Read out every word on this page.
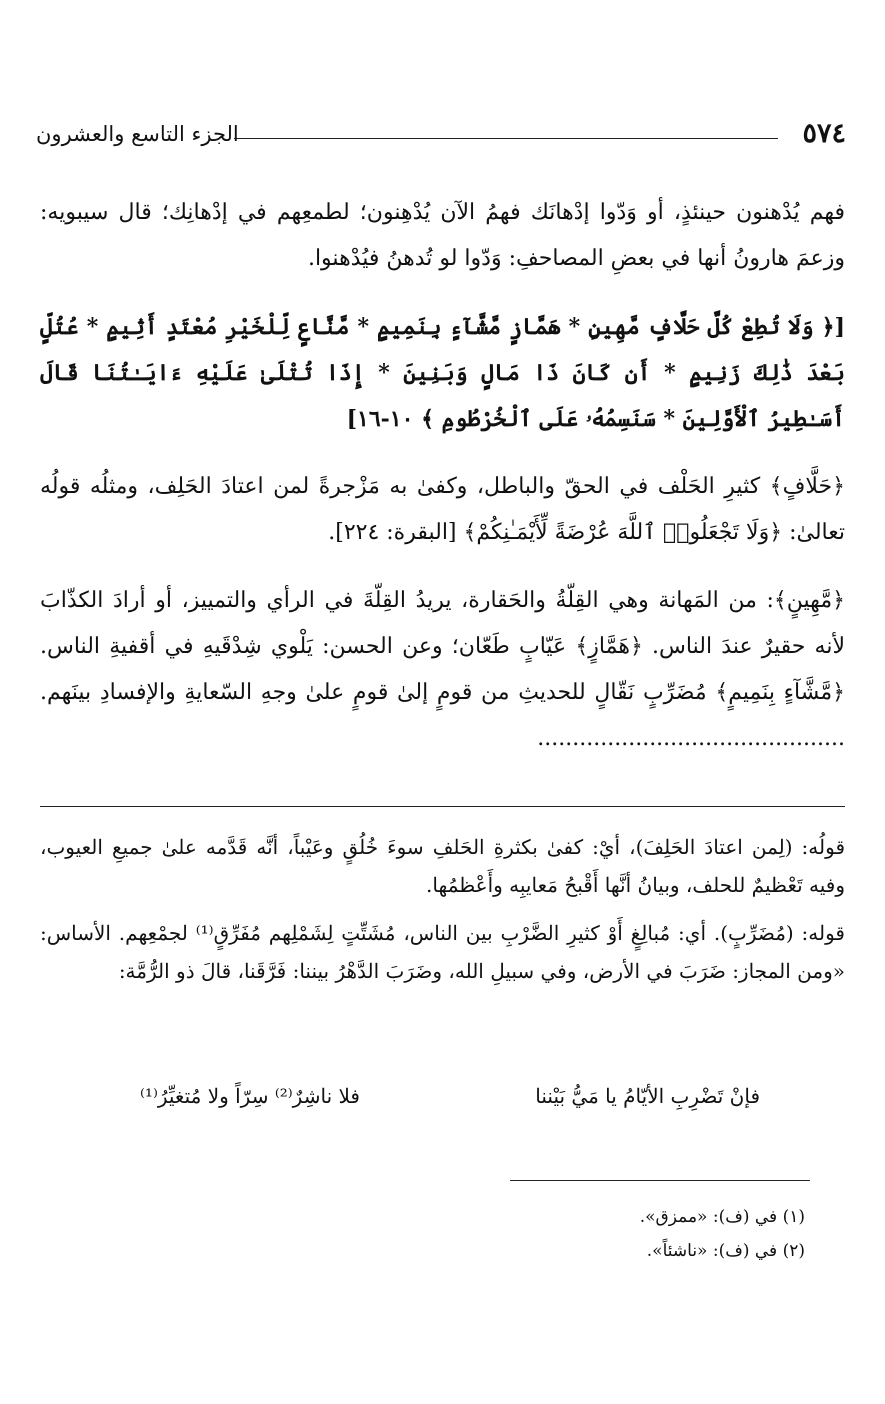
٥٧٤
الجزء التاسع والعشرون

فهم يُدْهنون حينئذٍ، أو وَدّوا إدْهانَك فهمُ الآن يُدْهِنون؛ لطمعِهم في إدْهانِك؛ قال سيبويه: وزعمَ هارونُ أنها في بعضِ المصاحفِ: وَدّوا لو تُدهنُ فيُدْهنوا.

[﴿ وَلَا تُطِعْ كُلَّ حَلَّافٍ مَّهِينٍ * هَمَّازٍ مَّشَّآءٍ بِنَمِيمٍ * مَّنَّاعٍ لِّلْخَيْرِ مُعْتَدٍ أَثِيمٍ * عُتُلٍّ بَعْدَ ذَٰلِكَ زَنِيمٍ * أَن كَانَ ذَا مَالٍ وَبَنِينَ * إِذَا تُتْلَىٰ عَلَيْهِ ءَايَـٰتُنَا قَالَ أَسَـٰطِيرُ ٱلْأَوَّلِينَ * سَنَسِمُهُۥ عَلَى ٱلْخُرْطُومِ ﴾ ١٠-١٦]

﴿حَلَّافٍ﴾ كثيرِ الحَلْف في الحقّ والباطل، وكفىٰ به مَزْجرةً لمن اعتادَ الحَلِف، ومثلُه قولُه تعالىٰ: ﴿وَلَا تَجْعَلُوا۟ ٱللَّهَ عُرْضَةً لِّأَيْمَـٰنِكُمْ﴾ [البقرة: ٢٢٤].

﴿مَّهِينٍ﴾: من المَهانة وهي القِلّةُ والحَقارة، يريدُ القِلّةَ في الرأي والتمييز، أو أرادَ الكذّابَ لأنه حقيرٌ عندَ الناس. ﴿هَمَّازٍ﴾ عَيّابٍ طَعّان؛ وعن الحسن: يَلْوي شِدْقَيهِ في أقفيةِ الناس. ﴿مَّشَّآءٍ بِنَمِيمٍ﴾ مُضَرِّبٍ نَقّالٍ للحديثِ من قومٍ إلىٰ قومٍ علىٰ وجهِ السّعايةِ والإفسادِ بينَهم. ............................................

قولُه: (لِمن اعتادَ الحَلِفَ)، أيْ: كفىٰ بكثرةِ الحَلفِ سوءَ خُلُقٍ وعَيْباً، أنَّه قَدَّمه علىٰ جميعِ العيوب، وفيه تَعْظيمٌ للحلف، وبيانُ أنَّها أَقْبحُ مَعايبِه وأَعْظمُها.

قوله: (مُضَرِّبٍ). أي: مُبالِغٍ أَوْ كثيرِ الضَّرْبِ بين الناس، مُشَتِّتٍ لِشَمْلِهم مُفَرِّقٍ⁽¹⁾ لجمْعِهم. الأساس: «ومن المجاز: ضَرَبَ في الأرض، وفي سبيلِ الله، وضَرَبَ الدَّهْرُ بيننا: فَرَّقَنا، قالَ ذو الرُّمَّة:

فإنْ تَضْرِبِ الأيّامُ يا مَيُّ بَيْننا
فلا ناشِرٌ⁽²⁾ سِرّاً ولا مُتغيِّرُ⁽¹⁾

(١) في (ف): «ممزق».

(٢) في (ف): «ناشئاً».
